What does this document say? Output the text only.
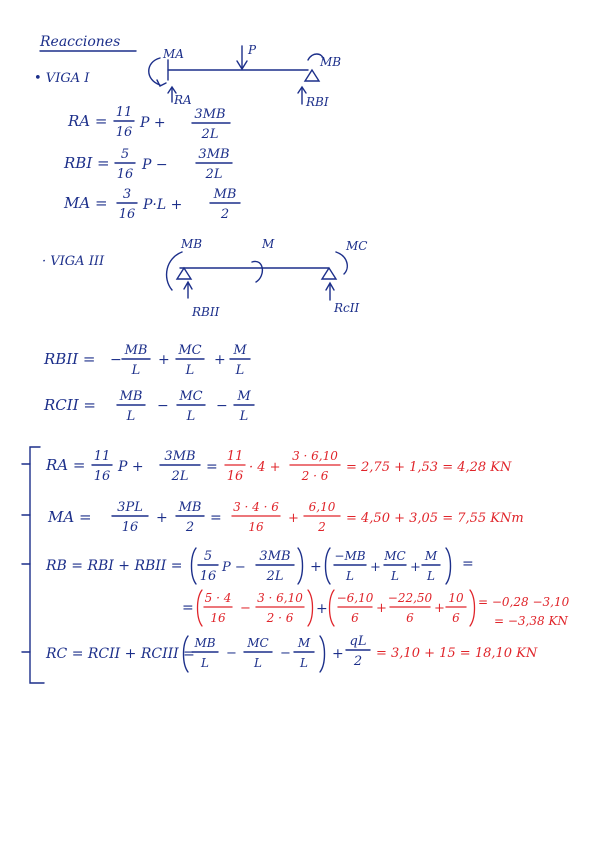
Reacciones
• VIGA I
MA	P
MB
RA	RBI
RA = 11
16
P +
3MB
2L
RBI = 5
16
P −
3MB
2L
MA = 3
16
P·L +
MB
2
· VIGA III
MB	M	MC
RBII	RcII
RBII = −
MB
L
+
MC
L
+
M
L
RCII = MB
L
−
MC
L
−
M
L
RA = 11
16
P +
3MB
2L
=
11
16
· 4 +
3 · 6,10
2 · 6
= 2,75 + 1,53 = 4,28 KN
MA =
3PL
16
+
MB
2
=
3 · 4 · 6
16
+
6,10
2
= 4,50 + 3,05 = 7,55 KNm
RB = RBI + RBII =
5
16
P −
3MB
2L
+
−MB
L
+
MC
L
+
M
L
=
=
5 · 4
16
−
3 · 6,10
2 · 6
+
−6,10
6
+
−22,50
6
+
10
6
= −0,28 −3,10
= −3,38 KN
RC = RCII + RCIII =
MB
L
−
MC
L
−
M
L
+
qL
2
= 3,10 + 15 = 18,10 KN
